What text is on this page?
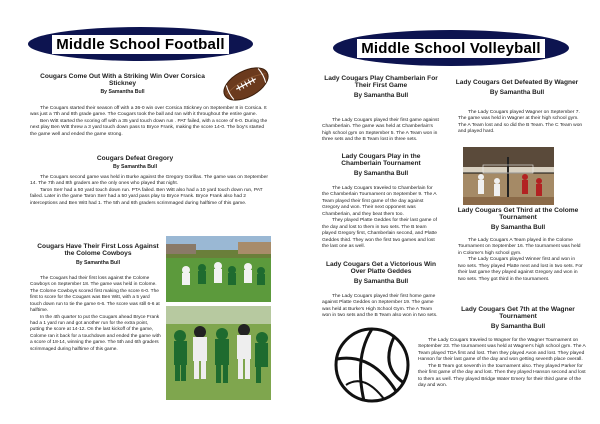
Middle School Football
Cougars Come Out With a Striking Win Over Corsica Stickney
By Samantha Bull

The Cougars started their season off with a 36-0 win over Corsica Stickney on September 8 in Corsica. It was just a 7th and 8th grade game. The Cougars took the ball and ran with it throughout the entire game.

Ben Witt started the scoring off with a 35 yard touch down run . PAT failed, with a score of 6-0. During the next play Ben Witt threw a 3 yard touch down pass to Bryce Frank, making the score 14-0. The boy's started the game well and ended the game strong.

Cougars Defeat Gregory
By Samantha Bull

The Cougars second game was held in Burke against the Gregory Gorillas. The game was on September 14. The 7th and 8th graders are the only ones who played that night.

Taron Serr had a 50 yard touch down run. PTA failed. Ben Witt also had a 10 yard touch down run, PAT failed. Later in the game Taron Serr had a 50 yard pass play to Bryce Frank. Bryce Frank also had 2 interceptions and Ben Witt had 1. The 5th and 6th graders scrimmaged during halftime of this game.

Cougars Have Their First Loss Against the Colome Cowboys
By Samantha Bull

The Cougars had their first loss against the Colome Cowboys on September 18. The game was held in Colome. The Colome Cowboys scored first making the score 6-0. The first to score for the Cougars was Ben Witt, with a 5 yard touch down run to tie the game 6-6. The score was still 6-6 at halftime.

In the 4th quarter to put the Cougars ahead Bryce Frank had a 1 yard run and got another run for the extra point, putting the score at 14-12. On the last kickoff of the game, Colome ran it back for a touchdown and ended the game with a score of 18-14, winning the game. The 5th and 6th graders scrimmaged during halftime of this game.

Middle School Volleyball
Lady Cougars Play Chamberlain For Their First Game
By Samantha Bull

The Lady Cougars played their first game against Chamberlain. The game was held at Chamberlain's high school gym on September 5. The A Team won in three sets and the B Team lost in three sets.

Lady Cougars Play in the Chamberlain Tournament
By Samantha Bull

The Lady Cougars traveled to Chamberlain for the Chamberlain Tournament on September 9. The A Team played their first game of the day against Gregory and won. Their next opponent was Chamberlain, and they beat them too.

They played Platte Geddes for their last game of the day and lost to them in two sets. The B team played Gregory first, Chamberlain second, and Platte Geddes third. They won the first two games and lost the last one as well.

Lady Cougars Get a Victorious Win Over Platte Geddes
By Samantha Bull

The Lady Cougars played their first home game against Platte Geddes on September 19. The game was held at Burke's High School Gym. The A Team won in two sets and the B Team also won in two sets.

Lady Cougars Get Defeated By Wagner
By Samantha Bull

The Lady Cougars played Wagner on September 7. The game was held in Wagner at their high school gym. The A Team lost and so did the B Team. The C Team won and played hard.

Lady Cougars Get Third at the Colome Tournament
By Samantha Bull

The Lady Cougars A Team played in the Colome Tournament on September 16. The tournament was held in Colome's high school gym.

The Lady Cougars played Winner first and won in two sets. They played Platte next and lost in two sets. For their last game they played against Gregory and won in two sets. They got third in the tournament.

Lady Cougars Get 7th at the Wagner Tournament
By Samantha Bull

The Lady Cougars traveled to Wagner for the Wagner Tournament on September 23. The tournament was held at Wagner's high school gym. The A Team played TDA first and lost. Then they played Avon and lost. They played Hanson for their last game of the day and won getting seventh place overall.

The B Team got seventh in the tournament also. They played Parker for their first game of the day and lost. Then they played Hanson second and lost to them as well. They played Bridge Water Emery for their third game of the day and won.
